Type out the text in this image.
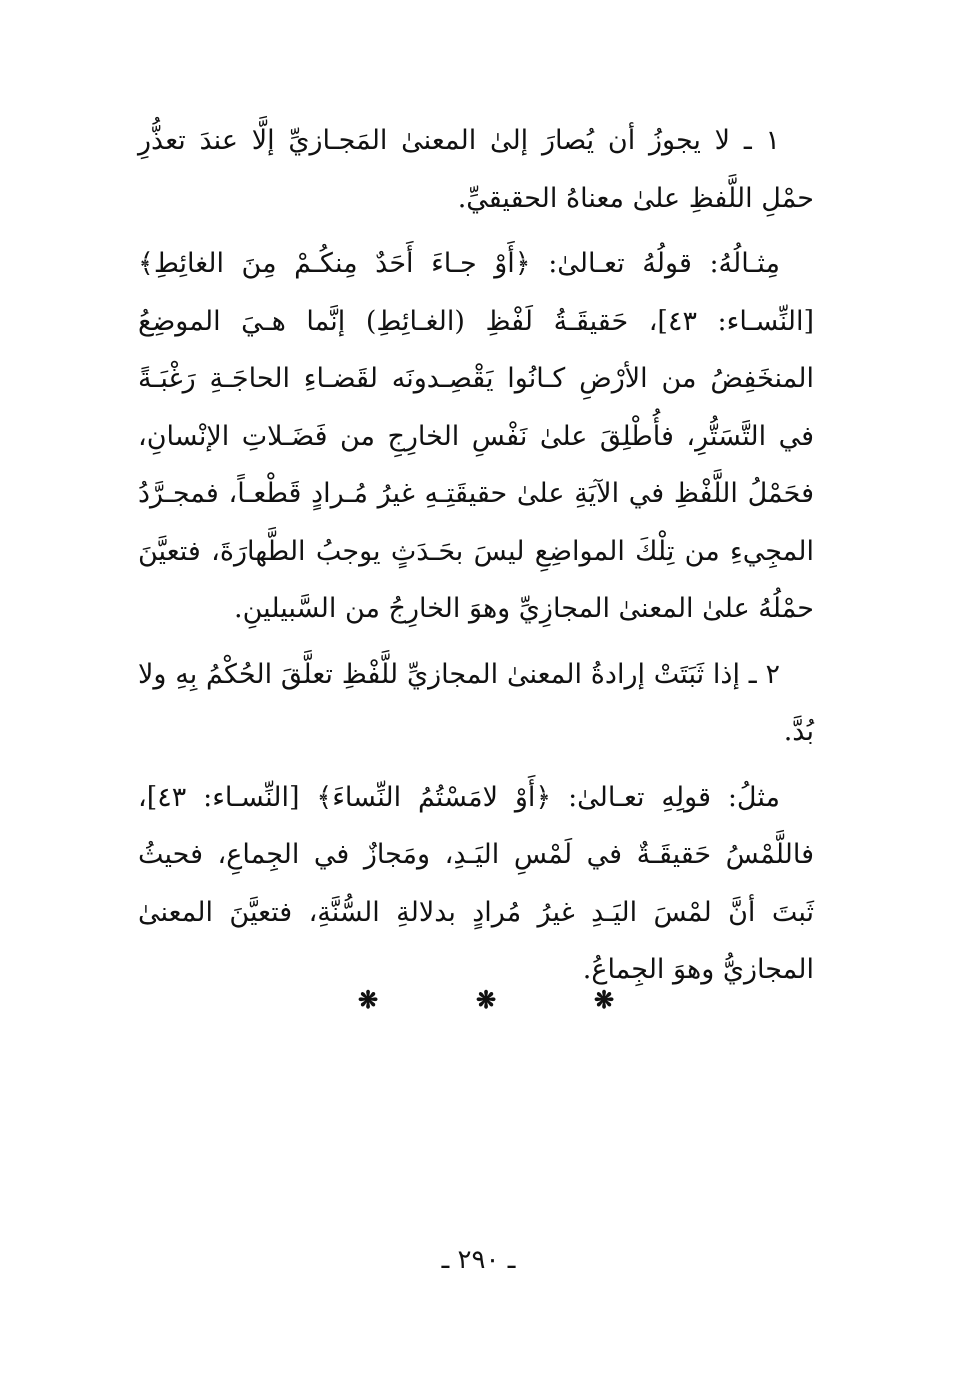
١ ـ لا يجوزُ أن يُصارَ إلىٰ المعنىٰ المَجـازيِّ إلَّا عندَ تعذُّرِ حمْلِ اللَّفظِ علىٰ معناهُ الحقيقيِّ.

مِثـالُهُ: قولُهُ تعـالىٰ: ﴿أَوْ جـاءَ أَحَدٌ مِنكُـمْ مِنَ الغائِطِ﴾ [النِّسـاء: ٤٣]، حَقيقَـةُ لَفْظِ (الغـائِطِ) إنَّما هـيَ الموضِعُ المنخَفِضُ من الأرْضِ كـانُوا يَقْصِـدونَه لقَضـاءِ الحاجَـةِ رَغْبَـةً في التَّسَتُّرِ، فأُطْلِقَ علىٰ نَفْسِ الخارِجِ من فَضَـلاتِ الإنْسانِ، فحَمْلُ اللَّفْظِ في الآيَةِ علىٰ حقيقَتِـهِ غيرُ مُـرادٍ قَطْعـاً، فمجـرَّدُ المجِيءِ من تِلْكَ المواضِعِ ليسَ بحَـدَثٍ يوجبُ الطَّهارَةَ، فتعيَّنَ حمْلُهُ علىٰ المعنىٰ المجازِيِّ وهوَ الخارِجُ من السَّبيلينِ.

٢ ـ إذا ثَبَتَتْ إرادةُ المعنىٰ المجازيِّ للَّفْظِ تعلَّقَ الحُكْمُ بِهِ ولا بُدَّ.

مثلُ: قولِهِ تعـالىٰ: ﴿أَوْ لامَسْتُمُ النِّساءَ﴾ [النِّسـاء: ٤٣]، فاللَّمْسُ حَقيقَـةٌ في لَمْسِ اليَـدِ، ومَجازٌ في الجِماعِ، فحيثُ ثَبتَ أنَّ لمْسَ اليَـدِ غيرُ مُرادٍ بدلالةِ السُّنَّةِ، فتعيَّنَ المعنىٰ المجازيُّ وهوَ الجِماعُ.

❋	❋	❋
ـ ٢٩٠ ـ
